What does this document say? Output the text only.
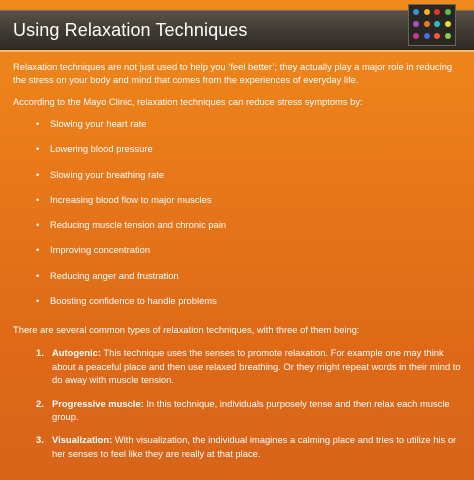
Using Relaxation Techniques

Relaxation techniques are not just used to help you ‘feel better’; they actually play a major role in reducing the stress on your body and mind that comes from the experiences of everyday life.

According to the Mayo Clinic, relaxation techniques can reduce stress symptoms by:

• Slowing your heart rate
• Lowering blood pressure
• Slowing your breathing rate
• Increasing blood flow to major muscles
• Reducing muscle tension and chronic pain
• Improving concentration
• Reducing anger and frustration
• Boosting confidence to handle problems

There are several common types of relaxation techniques, with three of them being:

1. Autogenic: This technique uses the senses to promote relaxation. For example one may think about a peaceful place and then use relaxed breathing. Or they might repeat words in their mind to do away with muscle tension.
2. Progressive muscle: In this technique, individuals purposely tense and then relax each muscle group.
3. Visualization: With visualization, the individual imagines a calming place and tries to utilize his or her senses to feel like they are really at that place.
